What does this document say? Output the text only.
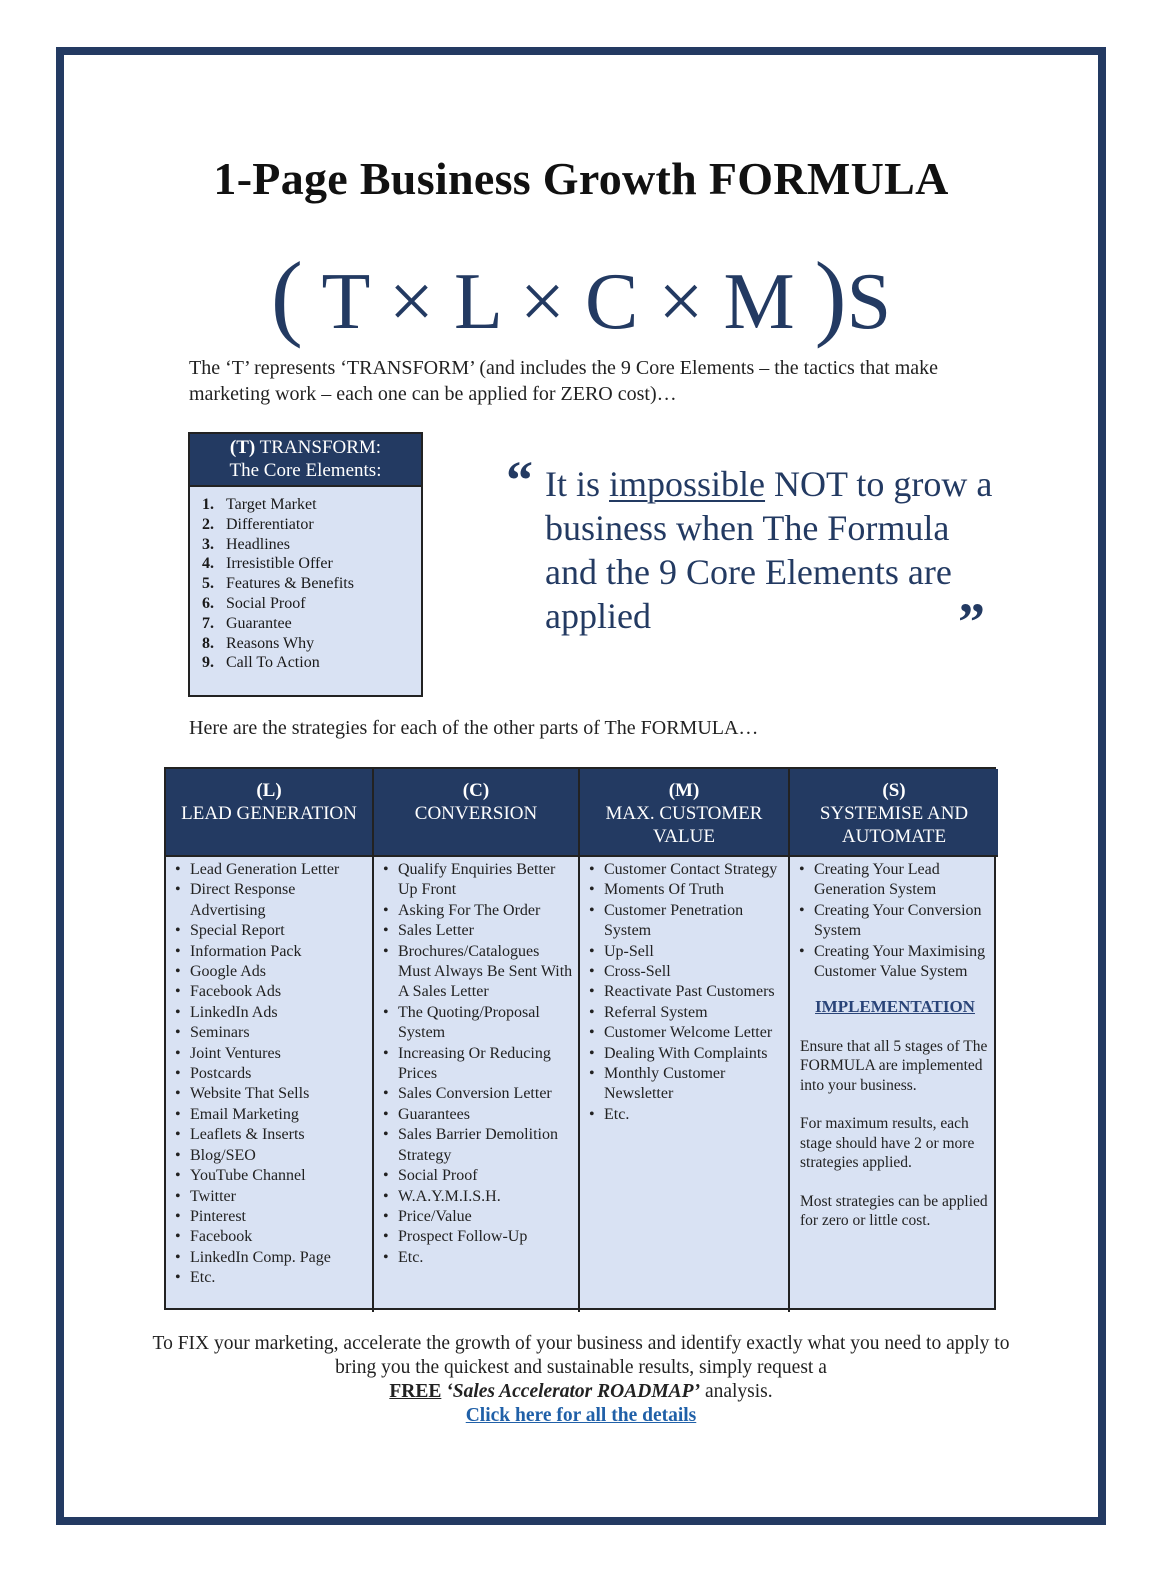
1-Page Business Growth FORMULA
( T × L × C × M )S
The ‘T’ represents ‘TRANSFORM’ (and includes the 9 Core Elements – the tactics that make marketing work – each one can be applied for ZERO cost)…
(T) TRANSFORM:
The Core Elements:
1. Target Market
2. Differentiator
3. Headlines
4. Irresistible Offer
5. Features & Benefits
6. Social Proof
7. Guarantee
8. Reasons Why
9. Call To Action
“ It is impossible NOT to grow a business when The Formula and the 9 Core Elements are applied	”
Here are the strategies for each of the other parts of The FORMULA…
(L)
LEAD GENERATION
(C)
CONVERSION
(M)
MAX. CUSTOMER VALUE
(S)
SYSTEMISE AND AUTOMATE
• Lead Generation Letter
• Direct Response Advertising
• Special Report
• Information Pack
• Google Ads
• Facebook Ads
• LinkedIn Ads
• Seminars
• Joint Ventures
• Postcards
• Website That Sells
• Email Marketing
• Leaflets & Inserts
• Blog/SEO
• YouTube Channel
• Twitter
• Pinterest
• Facebook
• LinkedIn Comp. Page
• Etc.
• Qualify Enquiries Better Up Front
• Asking For The Order
• Sales Letter
• Brochures/Catalogues Must Always Be Sent With A Sales Letter
• The Quoting/Proposal System
• Increasing Or Reducing Prices
• Sales Conversion Letter
• Guarantees
• Sales Barrier Demolition Strategy
• Social Proof
• W.A.Y.M.I.S.H.
• Price/Value
• Prospect Follow-Up
• Etc.
• Customer Contact Strategy
• Moments Of Truth
• Customer Penetration System
• Up-Sell
• Cross-Sell
• Reactivate Past Customers
• Referral System
• Customer Welcome Letter
• Dealing With Complaints
• Monthly Customer Newsletter
• Etc.
• Creating Your Lead Generation System
• Creating Your Conversion System
• Creating Your Maximising Customer Value System
IMPLEMENTATION

Ensure that all 5 stages of The FORMULA are implemented into your business.

For maximum results, each stage should have 2 or more strategies applied.

Most strategies can be applied for zero or little cost.

To FIX your marketing, accelerate the growth of your business and identify exactly what you need to apply to bring you the quickest and sustainable results, simply request a
FREE ‘Sales Accelerator ROADMAP’ analysis.
Click here for all the details
